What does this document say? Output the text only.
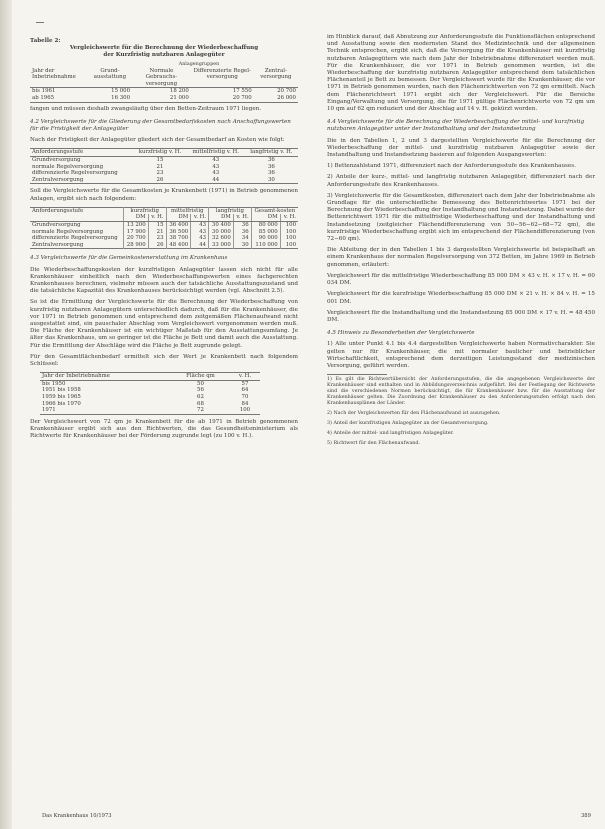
Tabelle 2:
Vergleichswerte für die Berechnung der Wiederbeschaffung
der Kurzfristig nutzbaren Anlagegüter
Anlagengruppen
Jahr der Inbetriebnahme	Grund-ausstattung	Normale Gebrauchs-versorgung	Differenzierte Regel-versorgung	Zentral-versorgung
bis 1961	15 000	18 200	17 550	20 700
ab 1965	16 300	21 000	20 700	26 000

fangen und müssen deshalb zwangsläufig über den Betten-Zeitraum 1971 liegen.

4.2 Vergleichswerte für die Gliederung der Gesamtbedarfskosten nach Anschaffungswerten für die Fristigkeit der Anlagegüter

Nach der Fristigkeit der Anlagegüter gliedert sich der Gesamtbedarf an Kosten wie folgt:

Anforderungsstufe	kurzfristig v. H.	mittelfristig v. H.	langfristig v. H.
Grundversorgung	15	43	36
normale Regelversorgung	21	43	36
differenzierte Regelversorgung	23	43	36
Zentralversorgung	26	44	30

Soll die Vergleichswerte für die Gesamtkosten je Krankenbett (1971) in Betrieb genommenen Anlagen, ergibt sich nach folgendem:

Anforderungsstufe	kurzfristig		mittelfristig		langfristig		Gesamt-kosten	
	DM	v. H.	DM	v. H.	DM	v. H.	DM	v. H.
Grundversorgung	13 200	15	36 400	43	30 400	36	80 000	100
normale Regelversorgung	17 900	21	36 500	43	30 000	36	85 000	100
differenzierte Regelversorgung	20 700	23	38 700	43	32 600	34	90 000	100
Zentralversorgung	28 900	26	48 400	44	33 000	30	110 000	100

4.3 Vergleichswerte für die Gemeinkostenerstattung im Krankenhaus

Die Wiederbeschaffungskosten der kurzfristigen Anlagegüter lassen sich nicht für alle Krankenhäuser einheitlich nach den Wiederbeschaffungswerten eines fachgerechten Krankenhauses berechnen, vielmehr müssen auch der tatsächliche Ausstattungszustand und die tatsächliche Kapazität des Krankenhauses berücksichtigt werden (vgl. Abschnitt 2.5).

So ist die Ermittlung der Vergleichswerte für die Berechnung der Wiederbeschaffung von kurzfristig nutzbaren Anlagegütern unterschiedlich dadurch, daß für die Krankenhäuser, die vor 1971 in Betrieb genommen und entsprechend dem zeitgemäßen Flächenaufwand nicht ausgestattet sind, ein pauschaler Abschlag vom Vergleichswert vorgenommen werden muß. Die Fläche der Krankenhäuser ist ein wichtiger Maßstab für den Ausstattungsumfang. Je älter das Krankenhaus, um so geringer ist die Fläche je Bett und damit auch die Ausstattung. Für die Ermittlung der Abschläge wird die Fläche je Bett zugrunde gelegt.

Für den Gesamtflächenbedarf ermittelt sich der Wert je Krankenbett nach folgendem Schlüssel:

Jahr der Inbetriebnahme	Fläche qm	v. H.
bis 1950	50	57
1951 bis 1958	56	64
1959 bis 1965	62	70
1966 bis 1970	68	84
1971	72	100

Der Vergleichswert von 72 qm je Krankenbett für die ab 1971 in Betrieb genommenen Krankenhäuser ergibt sich aus den Richtwerten, die das Gesundheitsministerium als Richtwerte für Krankenhäuser bei der Förderung zugrunde legt (zu 100 v. H.).

im Hinblick darauf, daß Abnutzung zur Anforderungsstufe die Funktionsflächen entsprechend und Ausstattung sowie den modernsten Stand des Medizintechnik und der allgemeinen Technik entsprechen, ergibt sich, daß die Versorgung für die Krankenhäuser mit kurzfristig nutzbaren Anlagegütern wie nach dem Jahr der Inbetriebnahme differenziert werden muß. Für die Krankenhäuser, die vor 1971 in Betrieb genommen wurden, ist die Wiederbeschaffung der kurzfristig nutzbaren Anlagegüter entsprechend dem tatsächlichen Flächenanteil je Bett zu bemessen. Der Vergleichswert wurde für die Krankenhäuser, die vor 1971 in Betrieb genommen wurden, nach den Flächenrichtwerten von 72 qm ermittelt. Nach dem Flächenrichtwert 1971 ergibt sich der Vergleichswert. Für die Bereiche Eingang/Verwaltung und Versorgung, die für 1971 gültige Flächenrichtwerte von 72 qm um 10 qm auf 62 qm reduziert und der Abschlag auf 14 v. H. gekürzt worden.

4.4 Vergleichswerte für die Berechnung der Wiederbeschaffung der mittel- und kurzfristig nutzbaren Anlagegüter unter der Instandhaltung und der Instandsetzung

Die in den Tabellen 1, 2 und 3 dargestellten Vergleichswerte für die Berechnung der Wiederbeschaffung der mittel- und kurzfristig nutzbaren Anlagegüter sowie der Instandhaltung und Instandsetzung basieren auf folgenden Ausgangswerten:

1) Bettenzahlstand 1971, differenziert nach der Anforderungsstufe des Krankenhauses.

2) Anteile der kurz-, mittel- und langfristig nutzbaren Anlagegüter, differenziert nach der Anforderungsstufe des Krankenhauses.

3) Vergleichswerte für die Gesamtkosten, differenziert nach dem Jahr der Inbetriebnahme als Grundlage für die unterschiedliche Bemessung des Bettenrichtwertes 1971 bei der Berechnung der Wiederbeschaffung der Instandhaltung und Instandsetzung. Dabei wurde der Bettenrichtwert 1971 für die mittelfristige Wiederbeschaffung und der Instandhaltung und Instandsetzung (zeitgleicher Flächendifferenzierung von 50−56−62−68−72 qm), die kurzfristige Wiederbeschaffung ergibt sich im entsprechend der Flächendifferenzierung (von 72−60 qm).

Die Ableitung der in den Tabellen 1 bis 3 dargestellten Vergleichswerte ist beispielhaft an einem Krankenhaus der normalen Regelversorgung von 372 Betten, im Jahre 1969 in Betrieb genommen, erläutert:

Vergleichswert für die mittelfristige Wiederbeschaffung 85 000 DM × 43 v. H. × 17 v. H. = 60 034 DM.

Vergleichswert für die kurzfristige Wiederbeschaffung 85 000 DM × 21 v. H. × 84 v. H. = 15 001 DM.

Vergleichswert für die Instandhaltung und die Instandsetzung 85 000 DM × 17 v. H. = 48 450 DM.

4.5 Hinweis zu Besonderheiten der Vergleichswerte

1) Alle unter Punkt 4.1 bis 4.4 dargestellten Vergleichswerte haben Normativcharakter. Sie gelten nur für Krankenhäuser, die mit normaler baulicher und betrieblicher Wirtschaftlichkeit, entsprechend dem derzeitigen Leistungsstand der medizinischen Versorgung, geführt werden.

1) Es gilt die Richtwertübersicht der Anforderungsstufen, die die angegebenen Vergleichswerte der Krankenhäuser sind enthalten und in Abbildungsverzeichnis aufgeführt. Bei der Festlegung der Richtwerte sind die verschiedenen Normen berücksichtigt, die für Krankenhäuser bzw. für die Ausstattung der Krankenhäuser gelten. Die Zuordnung der Krankenhäuser zu den Anforderungsstufen erfolgt nach den Krankenhausplänen der Länder.

2) Nach der Vergleichswerten für den Flächenaufwand ist auszugehen.

3) Anteil der kurzfristigen Anlagegüter an der Gesamtversorgung.

4) Anteile der mittel- und langfristigen Anlagegüter.

5) Richtwert für den Flächenaufwand.

Das Krankenhaus 10/1973	389
